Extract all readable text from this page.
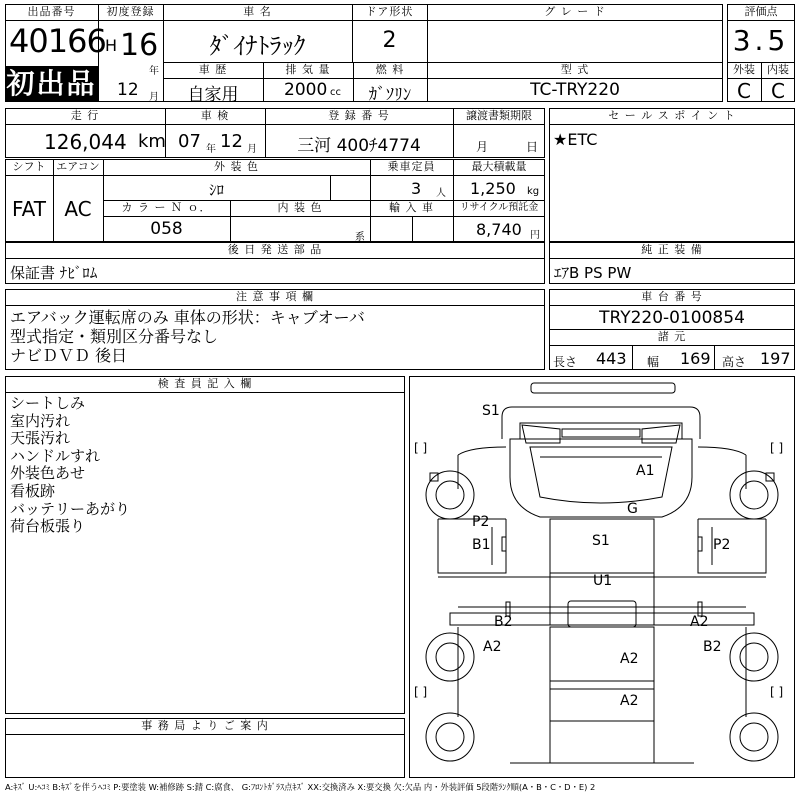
出品番号
40166
初出品
初度登録
H 16
年
12 月
車 名
ﾀﾞｲﾅﾄﾗｯｸ
ドア形状
2
グ レ ー ド
車 歴
自家用
排 気 量
2000 cc
燃 料
ｶﾞｿﾘﾝ
型 式
TC-TRY220
評価点
3.5
外装	内装
C	C
走 行
126,044 km
車 検
07 年 12 月
登 録 番 号
三河 400ﾁ4774
譲渡書類期限
月	日
セ ー ル ス ポ イ ン ト
★ETC
シフト
FAT
エアコン
AC
外 装 色
ｼﾛ
乗車定員
3 人
最大積載量
1,250 kg
カ ラ ー Ｎ ｏ．
058
内 装 色
系
輸 入 車	リサイクル預託金
8,740 円
後 日 発 送 部 品
保証書 ﾅﾋﾞﾛﾑ
純 正 装 備
ｴｱB PS PW
注 意 事 項 欄
エアバック運転席のみ 車体の形状：キャブオーバ
型式指定・類別区分番号なし
ナビＤＶＤ 後日
車 台 番 号
TRY220-0100854
諸 元
長さ 443 幅 169 高さ 197
検 査 員 記 入 欄
シートしみ
室内汚れ
天張汚れ
ハンドルすれ
外装色あせ
看板跡
バッテリーあがり
荷台板張り
事 務 局 よ り ご 案 内
[ ]	[ ]
[ ]	[ ]
S1
A1
G
P2
B1	S1	P2
U1
B2	A2
A2	B2
A2
A2
A:ｷｽﾞ U:ﾍｺﾐ B:ｷｽﾞを伴うﾍｺﾐ P:要塗装 W:補修跡 S:錆 C:腐食、 G:ﾌﾛﾝﾄｶﾞﾗｽ点ｷｽﾞ XX:交換済み X:要交換 欠:欠品 内・外装評価 5段階ﾗﾝｸ順(A・B・C・D・E) 2
